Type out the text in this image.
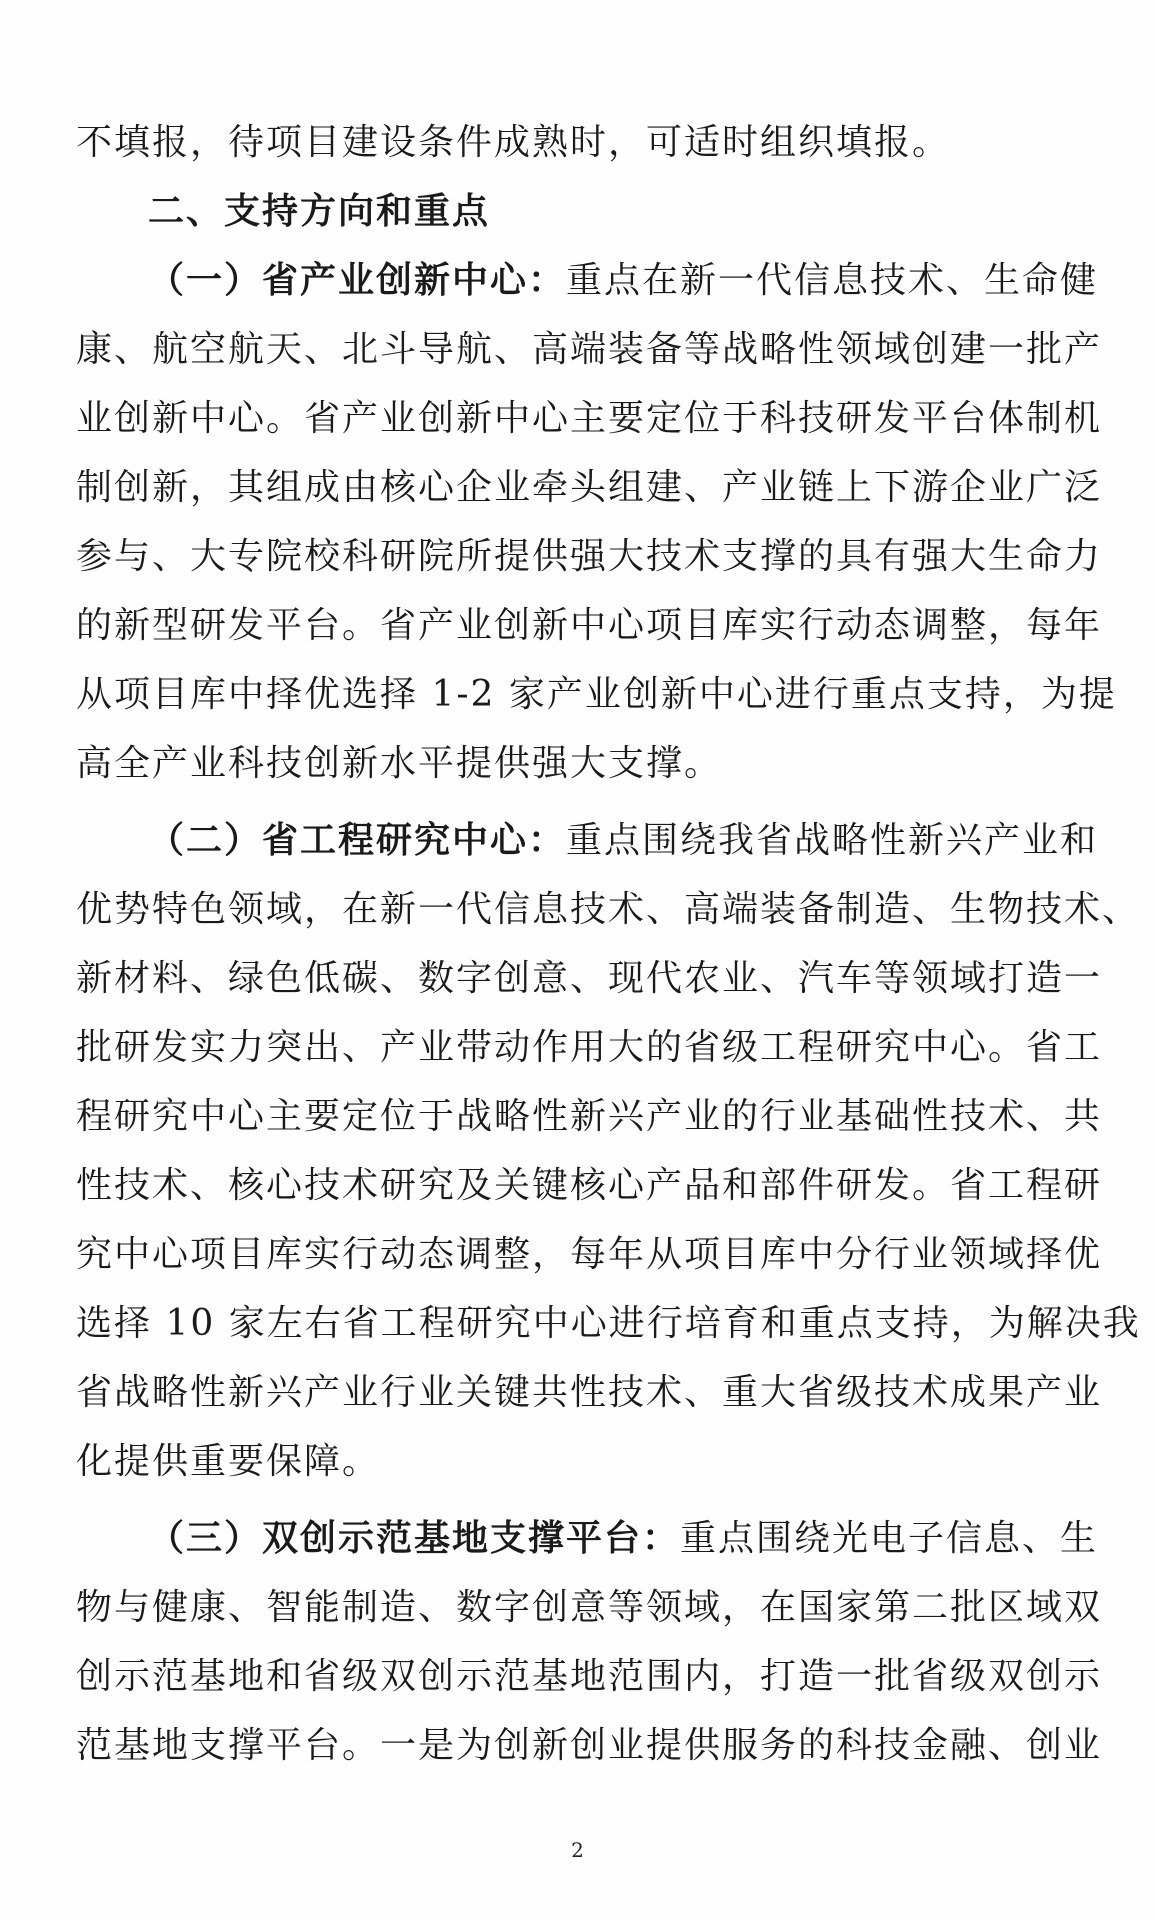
不填报，待项目建设条件成熟时，可适时组织填报。
二、支持方向和重点
（一）省产业创新中心：重点在新一代信息技术、生命健
康、航空航天、北斗导航、高端装备等战略性领域创建一批产
业创新中心。省产业创新中心主要定位于科技研发平台体制机
制创新，其组成由核心企业牵头组建、产业链上下游企业广泛
参与、大专院校科研院所提供强大技术支撑的具有强大生命力
的新型研发平台。省产业创新中心项目库实行动态调整，每年
从项目库中择优选择 1-2 家产业创新中心进行重点支持，为提
高全产业科技创新水平提供强大支撑。
（二）省工程研究中心：重点围绕我省战略性新兴产业和
优势特色领域，在新一代信息技术、高端装备制造、生物技术、
新材料、绿色低碳、数字创意、现代农业、汽车等领域打造一
批研发实力突出、产业带动作用大的省级工程研究中心。省工
程研究中心主要定位于战略性新兴产业的行业基础性技术、共
性技术、核心技术研究及关键核心产品和部件研发。省工程研
究中心项目库实行动态调整，每年从项目库中分行业领域择优
选择 10 家左右省工程研究中心进行培育和重点支持，为解决我
省战略性新兴产业行业关键共性技术、重大省级技术成果产业
化提供重要保障。
（三）双创示范基地支撑平台：重点围绕光电子信息、生
物与健康、智能制造、数字创意等领域，在国家第二批区域双
创示范基地和省级双创示范基地范围内，打造一批省级双创示
范基地支撑平台。一是为创新创业提供服务的科技金融、创业
2
